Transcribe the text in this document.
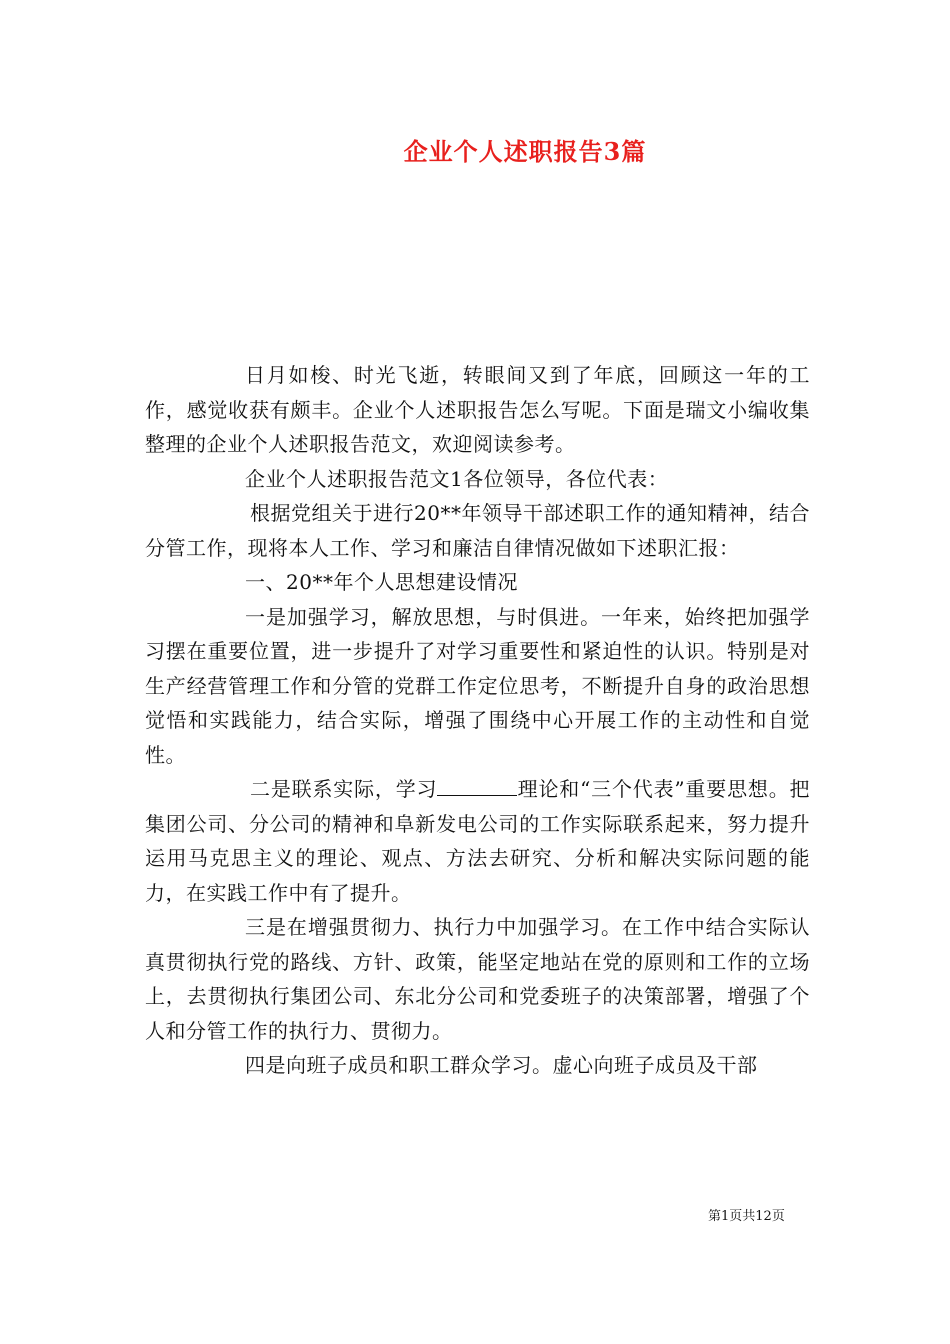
企业个人述职报告3篇

日月如梭、时光飞逝，转眼间又到了年底，回顾这一年的工作，感觉收获有颇丰。企业个人述职报告怎么写呢。下面是瑞文小编收集整理的企业个人述职报告范文，欢迎阅读参考。

企业个人述职报告范文1各位领导，各位代表：

根据党组关于进行20**年领导干部述职工作的通知精神，结合分管工作，现将本人工作、学习和廉洁自律情况做如下述职汇报：

一、20**年个人思想建设情况

一是加强学习，解放思想，与时俱进。一年来，始终把加强学习摆在重要位置，进一步提升了对学习重要性和紧迫性的认识。特别是对生产经营管理工作和分管的党群工作定位思考，不断提升自身的政治思想觉悟和实践能力，结合实际，增强了围绕中心开展工作的主动性和自觉性。

二是联系实际，学习	理论和“三个代表”重要思想。把集团公司、分公司的精神和阜新发电公司的工作实际联系起来，努力提升运用马克思主义的理论、观点、方法去研究、分析和解决实际问题的能力，在实践工作中有了提升。

三是在增强贯彻力、执行力中加强学习。在工作中结合实际认真贯彻执行党的路线、方针、政策，能坚定地站在党的原则和工作的立场上，去贯彻执行集团公司、东北分公司和党委班子的决策部署，增强了个人和分管工作的执行力、贯彻力。

四是向班子成员和职工群众学习。虚心向班子成员及干部

第1页共12页
